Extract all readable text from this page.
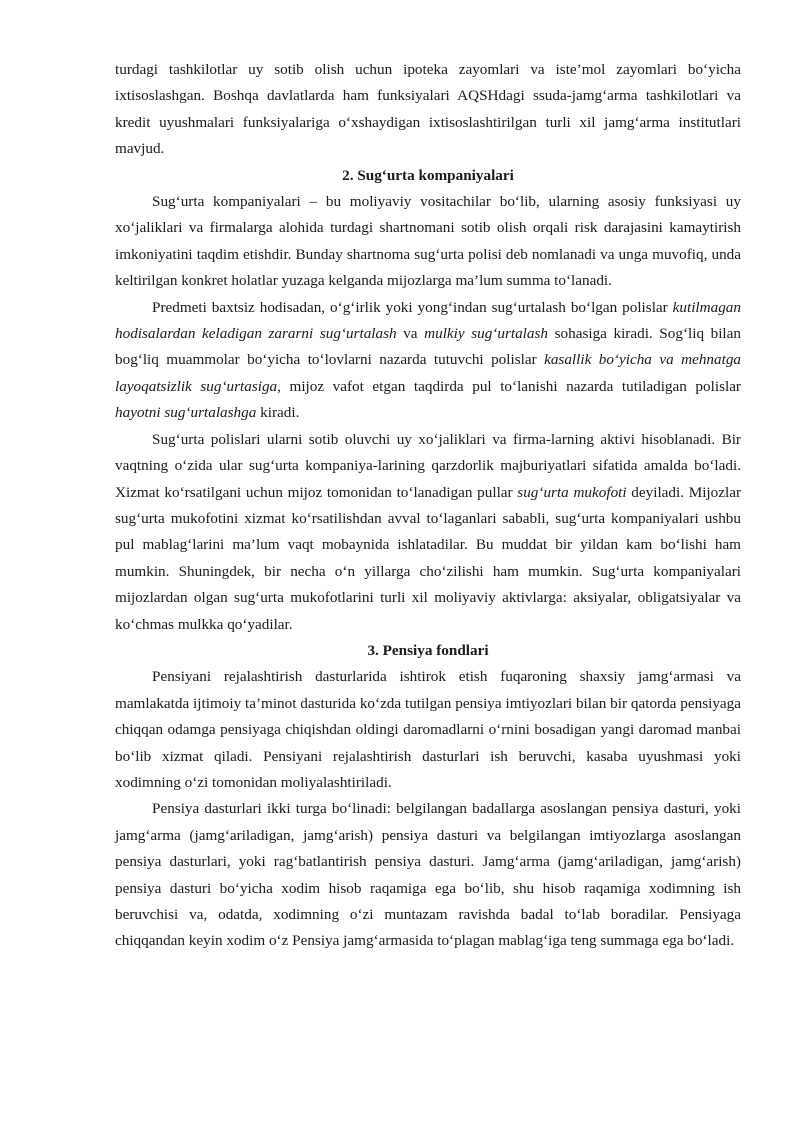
turdagi tashkilotlar uy sotib olish uchun ipoteka zayomlari va iste’mol zayomlari bo‘yicha ixtisoslashgan. Boshqa davlatlarda ham funksiyalari AQSHdagi ssuda-jamg‘arma tashkilotlari va kredit uyushmalari funksiyalariga o‘xshaydigan ixtisoslashtirilgan turli xil jamg‘arma institutlari mavjud.

2. Sug‘urta kompaniyalari

Sug‘urta kompaniyalari – bu moliyaviy vositachilar bo‘lib, ularning asosiy funksiyasi uy xo‘jaliklari va firmalarga alohida turdagi shartnomani sotib olish orqali risk darajasini kamaytirish imkoniyatini taqdim etishdir. Bunday shartnoma sug‘urta polisi deb nomlanadi va unga muvofiq, unda keltirilgan konkret holatlar yuzaga kelganda mijozlarga ma’lum summa to‘lanadi.

Predmeti baxtsiz hodisadan, o‘g‘irlik yoki yong‘indan sug‘urtalash bo‘lgan polislar kutilmagan hodisalardan keladigan zararni sug‘urtalash va mulkiy sug‘urtalash sohasiga kiradi. Sog‘liq bilan bog‘liq muammolar bo‘yicha to‘lovlarni nazarda tutuvchi polislar kasallik bo‘yicha va mehnatga layoqatsizlik sug‘urtasiga, mijoz vafot etgan taqdirda pul to‘lanishi nazarda tutiladigan polislar hayotni sug‘urtalashga kiradi.

Sug‘urta polislari ularni sotib oluvchi uy xo‘jaliklari va firma-larning aktivi hisoblanadi. Bir vaqtning o‘zida ular sug‘urta kompaniya-larining qarzdorlik majburiyatlari sifatida amalda bo‘ladi. Xizmat ko‘rsatilgani uchun mijoz tomonidan to‘lanadigan pullar sug‘urta mukofoti deyiladi. Mijozlar sug‘urta mukofotini xizmat ko‘rsatilishdan avval to‘laganlari sababli, sug‘urta kompaniyalari ushbu pul mablag‘larini ma’lum vaqt mobaynida ishlatadilar. Bu muddat bir yildan kam bo‘lishi ham mumkin. Shuningdek, bir necha o‘n yillarga cho‘zilishi ham mumkin. Sug‘urta kompaniyalari mijozlardan olgan sug‘urta mukofotlarini turli xil moliyaviy aktivlarga: aksiyalar, obligatsiyalar va ko‘chmas mulkka qo‘yadilar.

3. Pensiya fondlari

Pensiyani rejalashtirish dasturlarida ishtirok etish fuqaroning shaxsiy jamg‘armasi va mamlakatda ijtimoiy ta’minot dasturida ko‘zda tutilgan pensiya imtiyozlari bilan bir qatorda pensiyaga chiqqan odamga pensiyaga chiqishdan oldingi daromadlarni o‘rnini bosadigan yangi daromad manbai bo‘lib xizmat qiladi. Pensiyani rejalashtirish dasturlari ish beruvchi, kasaba uyushmasi yoki xodimning o‘zi tomonidan moliyalashtiriladi.

Pensiya dasturlari ikki turga bo‘linadi: belgilangan badallarga asoslangan pensiya dasturi, yoki jamg‘arma (jamg‘ariladigan, jamg‘arish) pensiya dasturi va belgilangan imtiyozlarga asoslangan pensiya dasturlari, yoki rag‘batlantirish pensiya dasturi. Jamg‘arma (jamg‘ariladigan, jamg‘arish) pensiya dasturi bo‘yicha xodim hisob raqamiga ega bo‘lib, shu hisob raqamiga xodimning ish beruvchisi va, odatda, xodimning o‘zi muntazam ravishda badal to‘lab boradilar. Pensiyaga chiqqandan keyin xodim o‘z Pensiya jamg‘armasida to‘plagan mablag‘iga teng summaga ega bo‘ladi.
